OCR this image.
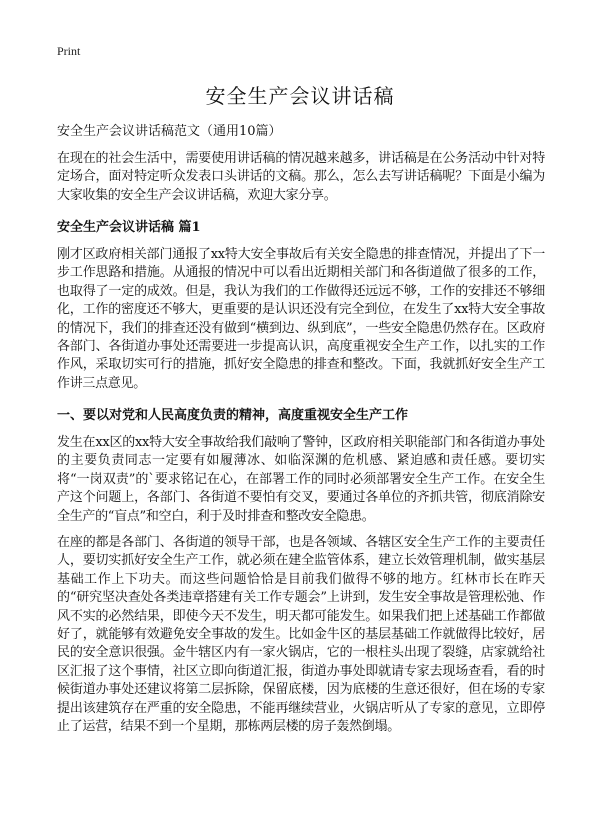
Print
安全生产会议讲话稿

安全生产会议讲话稿范文（通用10篇）

在现在的社会生活中，需要使用讲话稿的情况越来越多，讲话稿是在公务活动中针对特定场合，面对特定听众发表口头讲话的文稿。那么，怎么去写讲话稿呢？下面是小编为大家收集的安全生产会议讲话稿，欢迎大家分享。

安全生产会议讲话稿 篇1

刚才区政府相关部门通报了xx特大安全事故后有关安全隐患的排查情况，并提出了下一步工作思路和措施。从通报的情况中可以看出近期相关部门和各街道做了很多的工作，也取得了一定的成效。但是，我认为我们的工作做得还远远不够，工作的安排还不够细化，工作的密度还不够大，更重要的是认识还没有完全到位，在发生了xx特大安全事故的情况下，我们的排查还没有做到“横到边、纵到底”，一些安全隐患仍然存在。区政府各部门、各街道办事处还需要进一步提高认识，高度重视安全生产工作，以扎实的工作作风，采取切实可行的措施，抓好安全隐患的排查和整改。下面，我就抓好安全生产工作讲三点意见。

一、要以对党和人民高度负责的精神，高度重视安全生产工作

发生在xx区的xx特大安全事故给我们敲响了警钟，区政府相关职能部门和各街道办事处的主要负责同志一定要有如履薄冰、如临深渊的危机感、紧迫感和责任感。要切实将“一岗双责”的`要求铭记在心，在部署工作的同时必须部署安全生产工作。在安全生产这个问题上，各部门、各街道不要怕有交叉，要通过各单位的齐抓共管，彻底消除安全生产的“盲点”和空白，利于及时排查和整改安全隐患。

在座的都是各部门、各街道的领导干部，也是各领域、各辖区安全生产工作的主要责任人，要切实抓好安全生产工作，就必须在建全监管体系，建立长效管理机制，做实基层基础工作上下功夫。而这些问题恰恰是目前我们做得不够的地方。红林市长在昨天的“研究坚决查处各类违章搭建有关工作专题会”上讲到，发生安全事故是管理松弛、作风不实的必然结果，即使今天不发生，明天都可能发生。如果我们把上述基础工作都做好了，就能够有效避免安全事故的发生。比如金牛区的基层基础工作就做得比较好，居民的安全意识很强。金牛辖区内有一家火锅店，它的一根柱头出现了裂缝，店家就给社区汇报了这个事情，社区立即向街道汇报，街道办事处即就请专家去现场查看，看的时候街道办事处还建议将第二层拆除，保留底楼，因为底楼的生意还很好，但在场的专家提出该建筑存在严重的安全隐患，不能再继续营业，火锅店听从了专家的意见，立即停止了运营，结果不到一个星期，那栋两层楼的房子轰然倒塌。
